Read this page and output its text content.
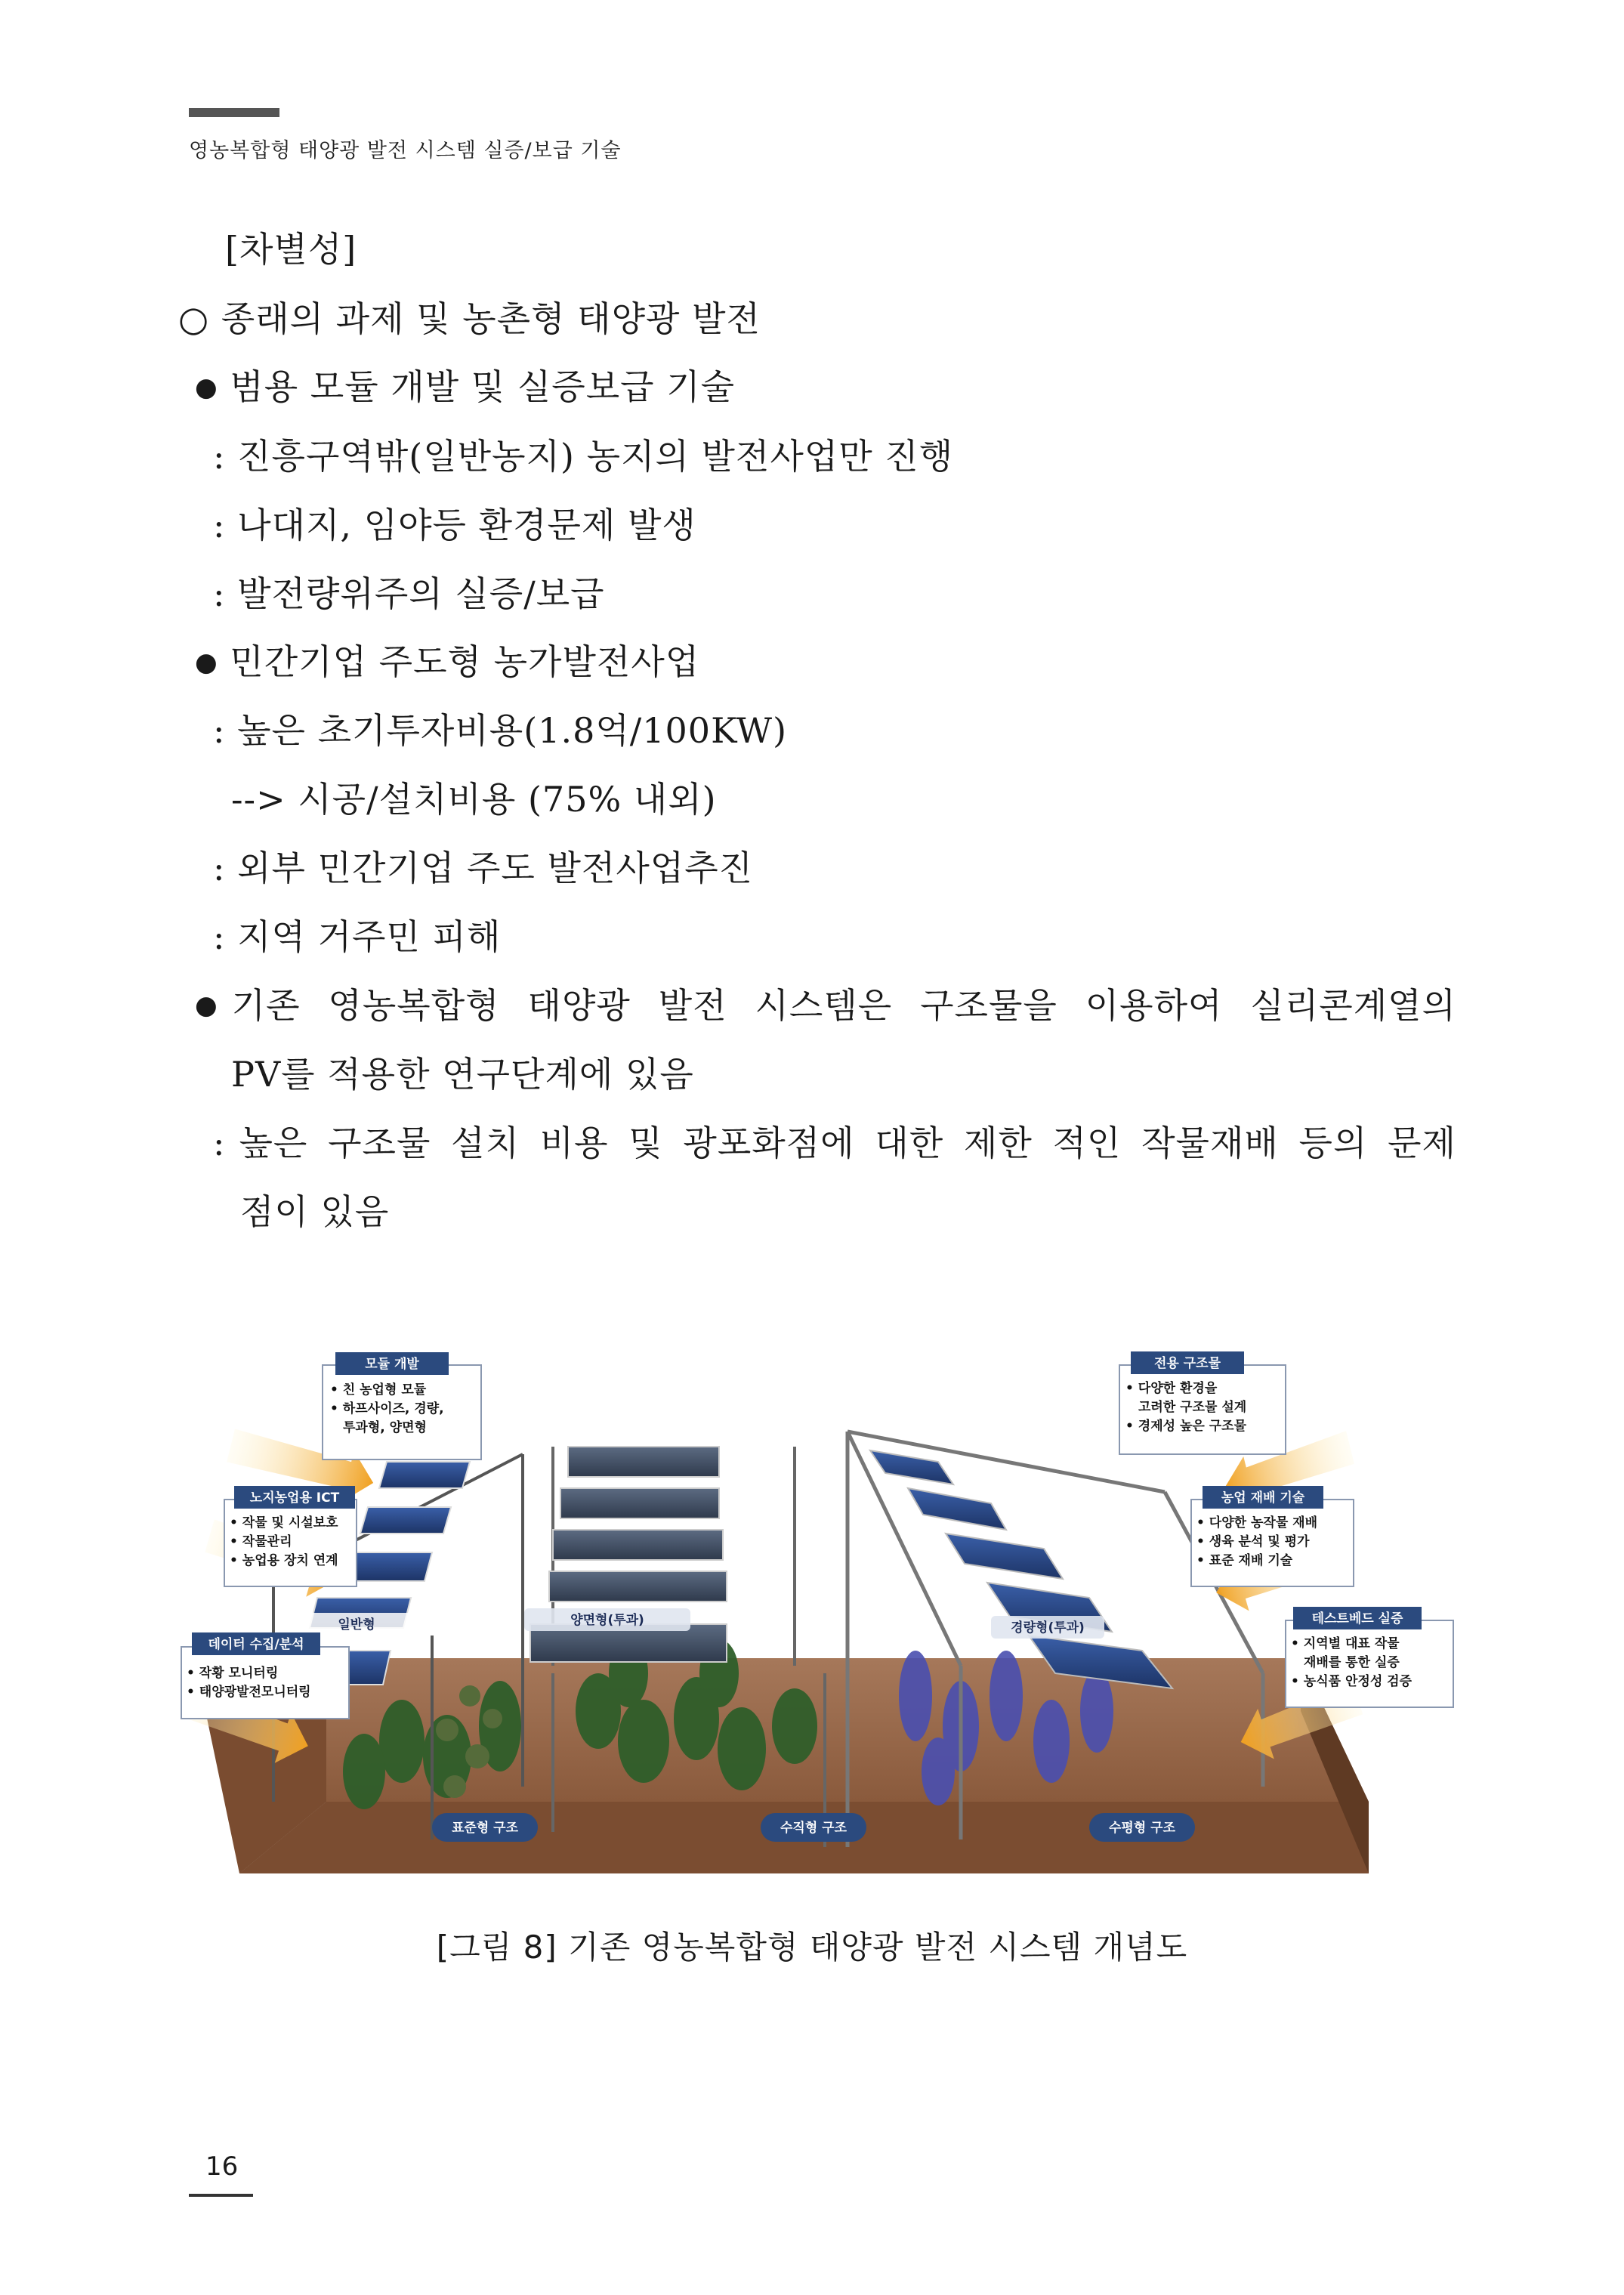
영농복합형 태양광 발전 시스템 실증/보급 기술
[차별성]
○ 종래의 과제 및 농촌형 태양광 발전
● 범용 모듈 개발 및 실증보급 기술
: 진흥구역밖(일반농지) 농지의 발전사업만 진행
: 나대지, 임야등 환경문제 발생
: 발전량위주의 실증/보급
● 민간기업 주도형 농가발전사업
: 높은 초기투자비용(1.8억/100KW)
--> 시공/설치비용 (75% 내외)
: 외부 민간기업 주도 발전사업추진
: 지역 거주민 피해
● 기존 영농복합형 태양광 발전 시스템은 구조물을 이용하여 실리콘계열의
PV를 적용한 연구단계에 있음
: 높은 구조물 설치 비용 및 광포화점에 대한 제한 적인 작물재배 등의 문제
점이 있음
일반형	양면형(투과)	경량형(투과)
표준형 구조	수직형 구조	수평형 구조
모듈 개발
• 친 농업형 모듈
• 하프사이즈, 경량,
투과형, 양면형
노지농업용 ICT
• 작물 및 시설보호
• 작물관리
• 농업용 장치 연계
데이터 수집/분석
• 작황 모니터링
• 태양광발전모니터링
전용 구조물
• 다양한 환경을
고려한 구조물 설계
• 경제성 높은 구조물
농업 재배 기술
• 다양한 농작물 재배
• 생육 분석 및 평가
• 표준 재배 기술
테스트베드 실증
• 지역별 대표 작물
재배를 통한 실증
• 농식품 안정성 검증
[그림 8] 기존 영농복합형 태양광 발전 시스템 개념도
16
